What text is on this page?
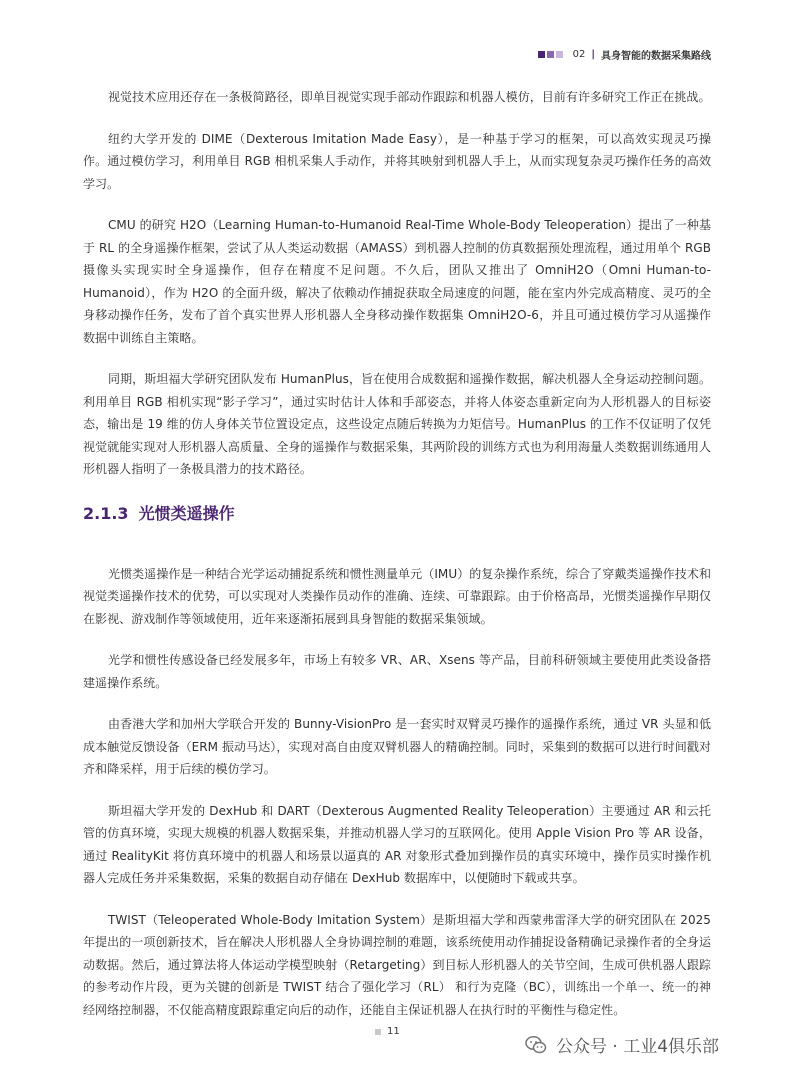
02 | 具身智能的数据采集路线

视觉技术应用还存在一条极简路径，即单目视觉实现手部动作跟踪和机器人模仿，目前有许多研究工作正在挑战。

纽约大学开发的 DIME（Dexterous Imitation Made Easy），是一种基于学习的框架，可以高效实现灵巧操作。通过模仿学习，利用单目 RGB 相机采集人手动作，并将其映射到机器人手上，从而实现复杂灵巧操作任务的高效学习。

CMU 的研究 H2O（Learning Human-to-Humanoid Real-Time Whole-Body Teleoperation）提出了一种基于 RL 的全身遥操作框架，尝试了从人类运动数据（AMASS）到机器人控制的仿真数据预处理流程，通过用单个 RGB 摄像头实现实时全身遥操作，但存在精度不足问题。不久后，团队又推出了 OmniH2O（Omni Human-to-Humanoid），作为 H2O 的全面升级，解决了依赖动作捕捉获取全局速度的问题，能在室内外完成高精度、灵巧的全身移动操作任务，发布了首个真实世界人形机器人全身移动操作数据集 OmniH2O-6，并且可通过模仿学习从遥操作数据中训练自主策略。

同期，斯坦福大学研究团队发布 HumanPlus，旨在使用合成数据和遥操作数据，解决机器人全身运动控制问题。利用单目 RGB 相机实现“影子学习”，通过实时估计人体和手部姿态，并将人体姿态重新定向为人形机器人的目标姿态，输出是 19 维的仿人身体关节位置设定点，这些设定点随后转换为力矩信号。HumanPlus 的工作不仅证明了仅凭视觉就能实现对人形机器人高质量、全身的遥操作与数据采集，其两阶段的训练方式也为利用海量人类数据训练通用人形机器人指明了一条极具潜力的技术路径。

2.1.3 光惯类遥操作

光惯类遥操作是一种结合光学运动捕捉系统和惯性测量单元（IMU）的复杂操作系统，综合了穿戴类遥操作技术和视觉类遥操作技术的优势，可以实现对人类操作员动作的准确、连续、可靠跟踪。由于价格高昂，光惯类遥操作早期仅在影视、游戏制作等领域使用，近年来逐渐拓展到具身智能的数据采集领域。

光学和惯性传感设备已经发展多年，市场上有较多 VR、AR、Xsens 等产品，目前科研领域主要使用此类设备搭建遥操作系统。

由香港大学和加州大学联合开发的 Bunny-VisionPro 是一套实时双臂灵巧操作的遥操作系统，通过 VR 头显和低成本触觉反馈设备（ERM 振动马达），实现对高自由度双臂机器人的精确控制。同时，采集到的数据可以进行时间戳对齐和降采样，用于后续的模仿学习。

斯坦福大学开发的 DexHub 和 DART（Dexterous Augmented Reality Teleoperation）主要通过 AR 和云托管的仿真环境，实现大规模的机器人数据采集，并推动机器人学习的互联网化。使用 Apple Vision Pro 等 AR 设备，通过 RealityKit 将仿真环境中的机器人和场景以逼真的 AR 对象形式叠加到操作员的真实环境中，操作员实时操作机器人完成任务并采集数据，采集的数据自动存储在 DexHub 数据库中，以便随时下载或共享。

TWIST（Teleoperated Whole-Body Imitation System）是斯坦福大学和西蒙弗雷泽大学的研究团队在 2025 年提出的一项创新技术，旨在解决人形机器人全身协调控制的难题，该系统使用动作捕捉设备精确记录操作者的全身运动数据。然后，通过算法将人体运动学模型映射（Retargeting）到目标人形机器人的关节空间，生成可供机器人跟踪的参考动作片段，更为关键的创新是 TWIST 结合了强化学习（RL） 和行为克隆（BC），训练出一个单一、统一的神经网络控制器，不仅能高精度跟踪重定向后的动作，还能自主保证机器人在执行时的平衡性与稳定性。

11
公众号 · 工业4俱乐部
